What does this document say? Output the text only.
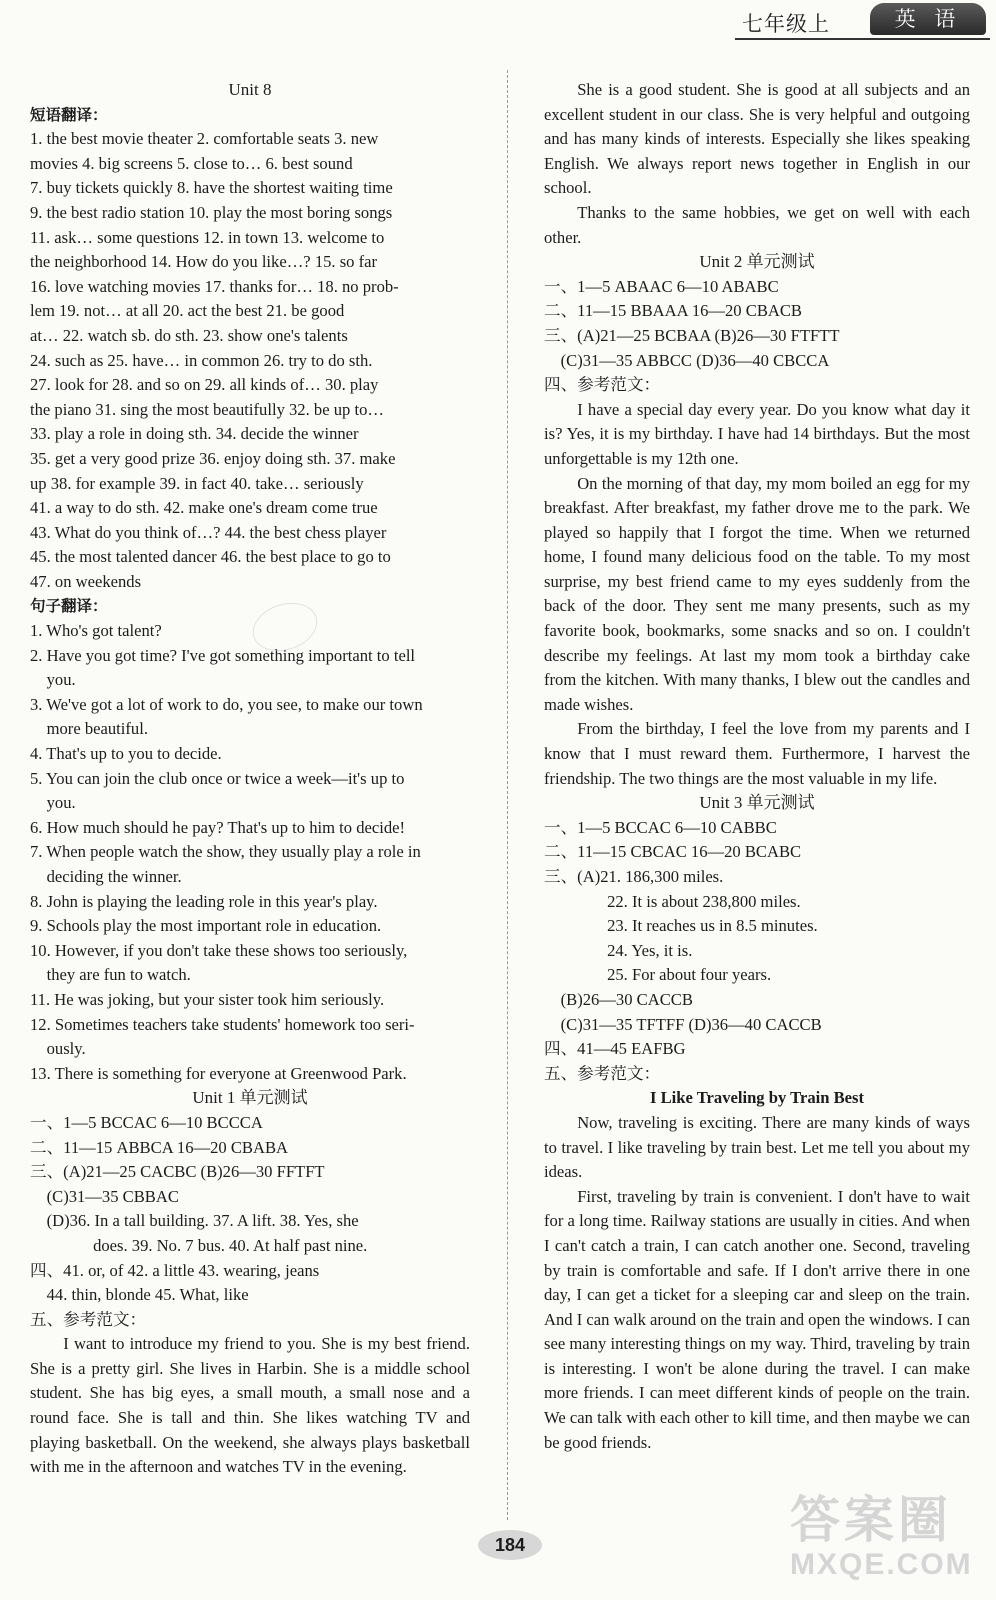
七年级上	英 语
Unit 8
短语翻译：
1. the best movie theater 2. comfortable seats 3. new
movies 4. big screens 5. close to… 6. best sound
7. buy tickets quickly 8. have the shortest waiting time
9. the best radio station 10. play the most boring songs
11. ask… some questions 12. in town 13. welcome to
the neighborhood 14. How do you like…? 15. so far
16. love watching movies 17. thanks for… 18. no prob-
lem 19. not… at all 20. act the best 21. be good
at… 22. watch sb. do sth. 23. show one's talents
24. such as 25. have… in common 26. try to do sth.
27. look for 28. and so on 29. all kinds of… 30. play
the piano 31. sing the most beautifully 32. be up to…
33. play a role in doing sth. 34. decide the winner
35. get a very good prize 36. enjoy doing sth. 37. make
up 38. for example 39. in fact 40. take… seriously
41. a way to do sth. 42. make one's dream come true
43. What do you think of…? 44. the best chess player
45. the most talented dancer 46. the best place to go to
47. on weekends
句子翻译：
1. Who's got talent?
2. Have you got time? I've got something important to tell
you.
3. We've got a lot of work to do, you see, to make our town
more beautiful.
4. That's up to you to decide.
5. You can join the club once or twice a week—it's up to
you.
6. How much should he pay? That's up to him to decide!
7. When people watch the show, they usually play a role in
deciding the winner.
8. John is playing the leading role in this year's play.
9. Schools play the most important role in education.
10. However, if you don't take these shows too seriously,
they are fun to watch.
11. He was joking, but your sister took him seriously.
12. Sometimes teachers take students' homework too seri-
ously.
13. There is something for everyone at Greenwood Park.
Unit 1 单元测试
一、1—5 BCCAC 6—10 BCCCA
二、11—15 ABBCA 16—20 CBABA
三、(A)21—25 CACBC (B)26—30 FFTFT
(C)31—35 CBBAC
(D)36. In a tall building. 37. A lift. 38. Yes, she
does. 39. No. 7 bus. 40. At half past nine.
四、41. or, of 42. a little 43. wearing, jeans
44. thin, blonde 45. What, like
五、参考范文：
I want to introduce my friend to you. She is my best friend. She is a pretty girl. She lives in Harbin. She is a middle school student. She has big eyes, a small mouth, a small nose and a round face. She is tall and thin. She likes watching TV and playing basketball. On the weekend, she always plays basketball with me in the afternoon and watches TV in the evening.
She is a good student. She is good at all subjects and an excellent student in our class. She is very helpful and outgoing and has many kinds of interests. Especially she likes speaking English. We always report news together in English in our school.
Thanks to the same hobbies, we get on well with each other.
Unit 2 单元测试
一、1—5 ABAAC 6—10 ABABC
二、11—15 BBAAA 16—20 CBACB
三、(A)21—25 BCBAA (B)26—30 FTFTT
(C)31—35 ABBCC (D)36—40 CBCCA
四、参考范文：
I have a special day every year. Do you know what day it is? Yes, it is my birthday. I have had 14 birthdays. But the most unforgettable is my 12th one.
On the morning of that day, my mom boiled an egg for my breakfast. After breakfast, my father drove me to the park. We played so happily that I forgot the time. When we returned home, I found many delicious food on the table. To my most surprise, my best friend came to my eyes suddenly from the back of the door. They sent me many presents, such as my favorite book, bookmarks, some snacks and so on. I couldn't describe my feelings. At last my mom took a birthday cake from the kitchen. With many thanks, I blew out the candles and made wishes.
From the birthday, I feel the love from my parents and I know that I must reward them. Furthermore, I harvest the friendship. The two things are the most valuable in my life.
Unit 3 单元测试
一、1—5 BCCAC 6—10 CABBC
二、11—15 CBCAC 16—20 BCABC
三、(A)21. 186,300 miles.
22. It is about 238,800 miles.
23. It reaches us in 8.5 minutes.
24. Yes, it is.
25. For about four years.
(B)26—30 CACCB
(C)31—35 TFTFF (D)36—40 CACCB
四、41—45 EAFBG
五、参考范文：
I Like Traveling by Train Best
Now, traveling is exciting. There are many kinds of ways to travel. I like traveling by train best. Let me tell you about my ideas.
First, traveling by train is convenient. I don't have to wait for a long time. Railway stations are usually in cities. And when I can't catch a train, I can catch another one. Second, traveling by train is comfortable and safe. If I don't arrive there in one day, I can get a ticket for a sleeping car and sleep on the train. And I can walk around on the train and open the windows. I can see many interesting things on my way. Third, traveling by train is interesting. I won't be alone during the travel. I can make more friends. I can meet different kinds of people on the train. We can talk with each other to kill time, and then maybe we can be good friends.
184	答案圈
MXQE.COM
